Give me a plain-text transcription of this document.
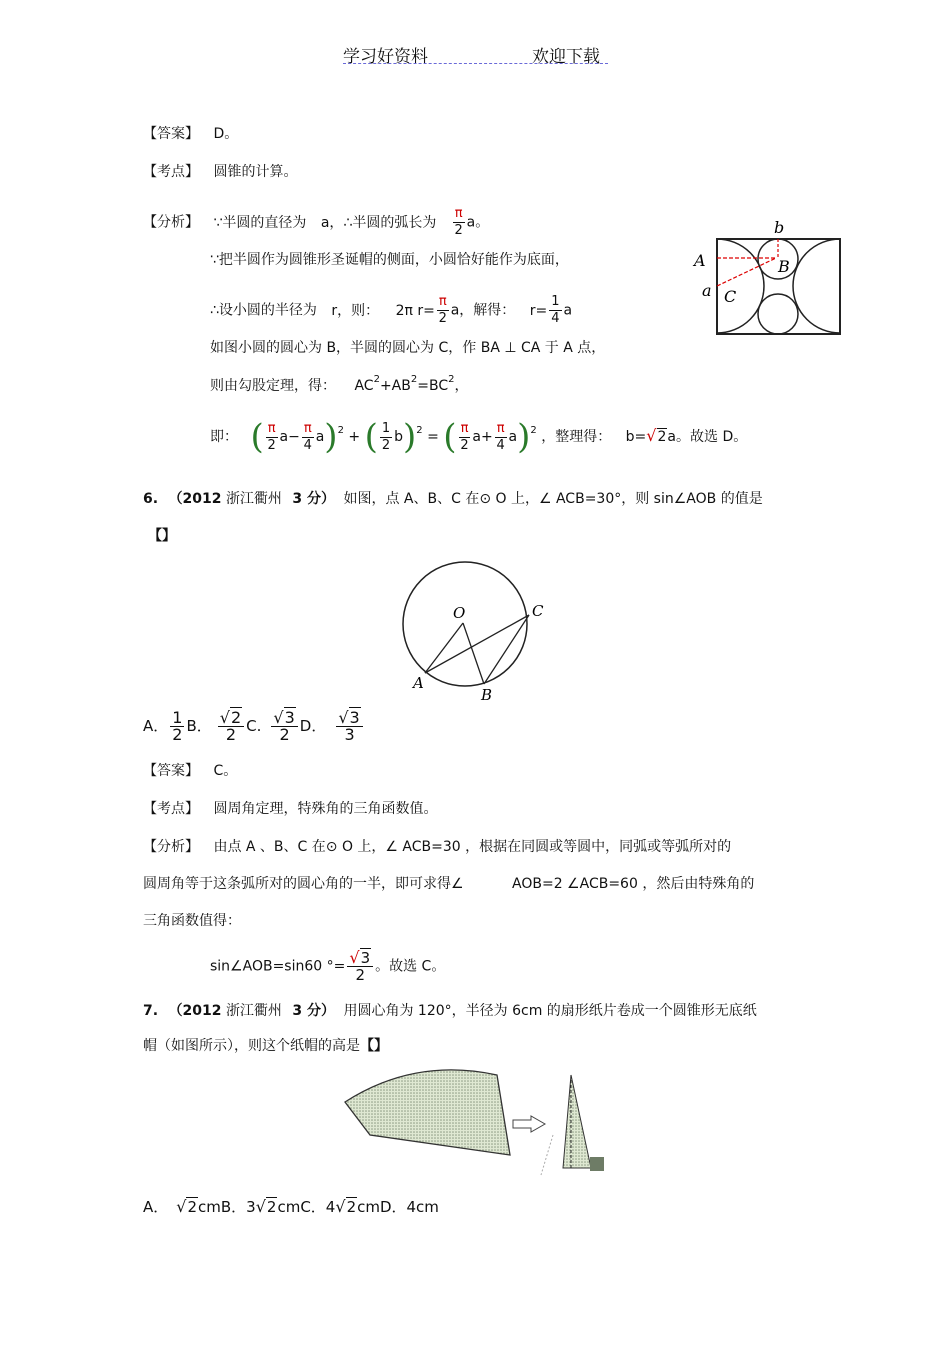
学习好资料	欢迎下载
【答案】 D。
【考点】 圆锥的计算。
【分析】 ∵半圆的直径为 a，∴半圆的弧长为 $\frac{\pi}{2}$ a。
∵把半圆作为圆锥形圣诞帽的侧面，小圆恰好能作为底面，
∴设小圆的半径为 r，则： 2π $r= \frac{\pi}{2}$ a，解得： $r= \frac{1}{4}$ a
如图小圆的圆心为 B，半圆的圆心为 C，作 BA ⊥ CA 于 A 点，
则由勾股定理，得： $AC^2+AB^2=BC^2$，
即： ( $\frac{\pi}{2} a- \frac{\pi}{4} a)^2$ + ( $\frac{1}{2} b)^2$ = ( $\frac{\pi}{2} a+ \frac{\pi}{4} a)^2$ ，整理得： b=√2a。故选 D。
b
A	B
a C
6. （2012 浙江衢州 3 分） 如图，点 A、B、C 在⊙ O 上，∠ ACB=30°，则 sin∠AOB 的值是
【】
O	C
A
B
A． $\frac{1}{2}$ B． $\frac{√2}{2} C$. $\frac{√3}{2}$ D． $\frac{√3}{3}$
【答案】 C。
【考点】 圆周角定理，特殊角的三角函数值。
【分析】 由点 A 、B、C 在⊙ O 上，∠ ACB=30 ，根据在同圆或等圆中，同弧或等弧所对的
圆周角等于这条弧所对的圆心角的一半，即可求得∠	AOB=2 ∠ACB=60 ，然后由特殊角的
三角函数值得：
sin∠AOB=sin60 °= $\frac{√3}{2}$ 。故选 C。
7. （2012 浙江衢州 3 分） 用圆心角为 120°，半径为 6cm 的扇形纸片卷成一个圆锥形无底纸
帽（如图所示），则这个纸帽的高是【】
A． √2cmB．3√2cmC．4√2cmD．4cm
